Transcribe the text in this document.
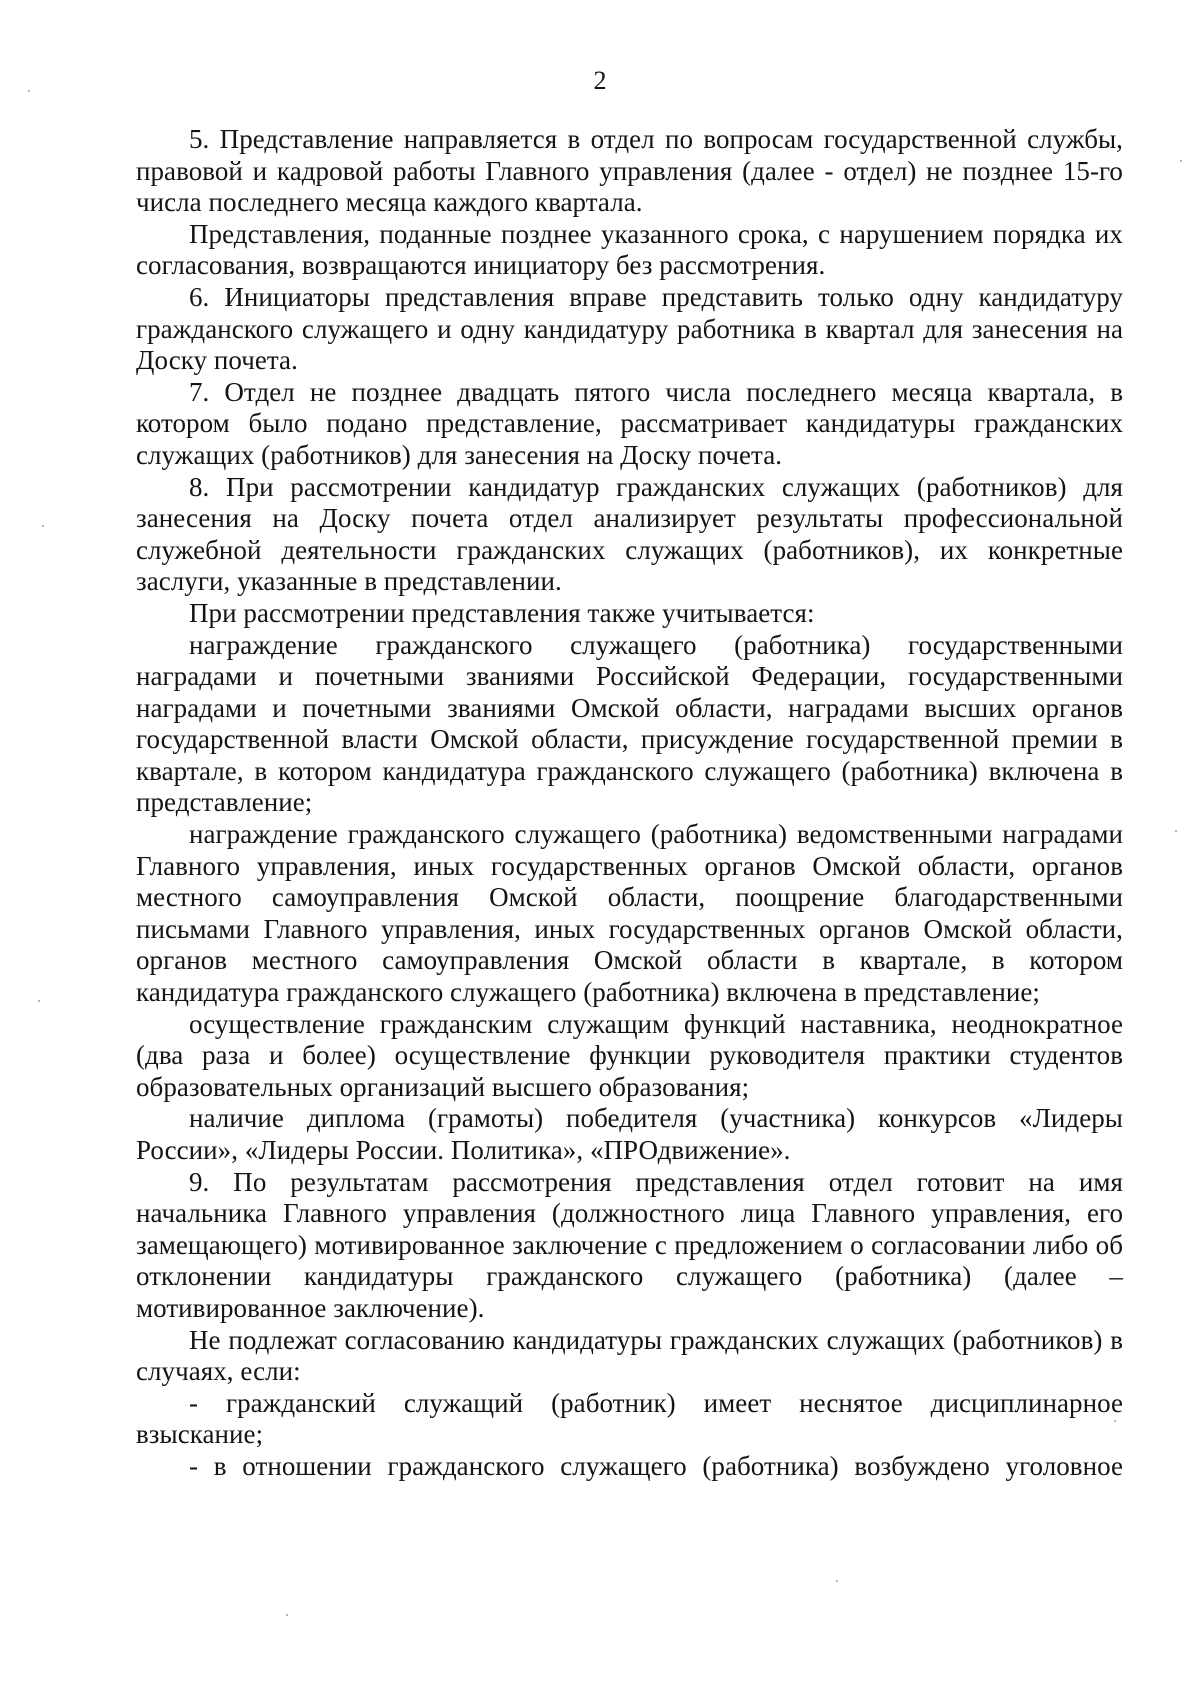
2

5. Представление направляется в отдел по вопросам государственной службы, правовой и кадровой работы Главного управления (далее - отдел) не позднее 15-го числа последнего месяца каждого квартала.

Представления, поданные позднее указанного срока, с нарушением порядка их согласования, возвращаются инициатору без рассмотрения.

6. Инициаторы представления вправе представить только одну кандидатуру гражданского служащего и одну кандидатуру работника в квартал для занесения на Доску почета.

7. Отдел не позднее двадцать пятого числа последнего месяца квартала, в котором было подано представление, рассматривает кандидатуры гражданских служащих (работников) для занесения на Доску почета.

8. При рассмотрении кандидатур гражданских служащих (работников) для занесения на Доску почета отдел анализирует результаты профессиональной служебной деятельности гражданских служащих (работников), их конкретные заслуги, указанные в представлении.

При рассмотрении представления также учитывается:

награждение гражданского служащего (работника) государственными наградами и почетными званиями Российской Федерации, государственными наградами и почетными званиями Омской области, наградами высших органов государственной власти Омской области, присуждение государственной премии в квартале, в котором кандидатура гражданского служащего (работника) включена в представление;

награждение гражданского служащего (работника) ведомственными наградами Главного управления, иных государственных органов Омской области, органов местного самоуправления Омской области, поощрение благодарственными письмами Главного управления, иных государственных органов Омской области, органов местного самоуправления Омской области в квартале, в котором кандидатура гражданского служащего (работника) включена в представление;

осуществление гражданским служащим функций наставника, неоднократное (два раза и более) осуществление функции руководителя практики студентов образовательных организаций высшего образования;

наличие диплома (грамоты) победителя (участника) конкурсов «Лидеры России», «Лидеры России. Политика», «ПРОдвижение».

9. По результатам рассмотрения представления отдел готовит на имя начальника Главного управления (должностного лица Главного управления, его замещающего) мотивированное заключение с предложением о согласовании либо об отклонении кандидатуры гражданского служащего (работника) (далее – мотивированное заключение).

Не подлежат согласованию кандидатуры гражданских служащих (работников) в случаях, если:

- гражданский служащий (работник) имеет неснятое дисциплинарное взыскание;

- в отношении гражданского служащего (работника) возбуждено уголовное
